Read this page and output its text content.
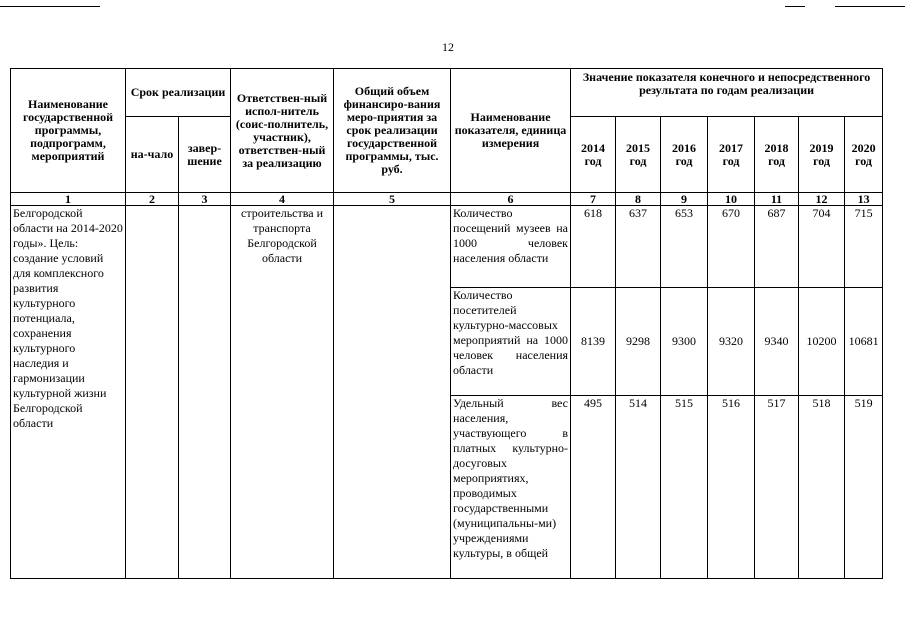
12
Наименование государственной программы, подпрограмм, мероприятий	Срок реализации		Ответствен-ный испол-нитель (соис-полнитель, участник), ответствен-ный за реализацию	Общий объем финансиро-вания меро-приятия за срок реализации государственной программы, тыс. руб.	Наименование показателя, единица измерения	Значение показателя конечного и непосредственного результата по годам реализации						
	на-чало	завер-шение				2014 год	2015 год	2016 год	2017 год	2018 год	2019 год	2020 год
1	2	3	4	5	6	7	8	9	10	11	12	13
Белгородской области на 2014-2020 годы». Цель: создание условий для комплексного развития культурного потенциала, сохранения культурного наследия и гармонизации культурной жизни Белгородской области			строительства и транспорта Белгородской области		Количество посещений музеев на 1000 человек населения области	618	637	653	670	687	704	715
					Количество посетителей культурно-массовых мероприятий на 1000 человек населения области	8139	9298	9300	9320	9340	10200	10681
					Удельный вес населения, участвующего в платных культурно-досуговых мероприятиях, проводимых государственными (муниципальны-ми) учреждениями культуры, в общей	495	514	515	516	517	518	519
